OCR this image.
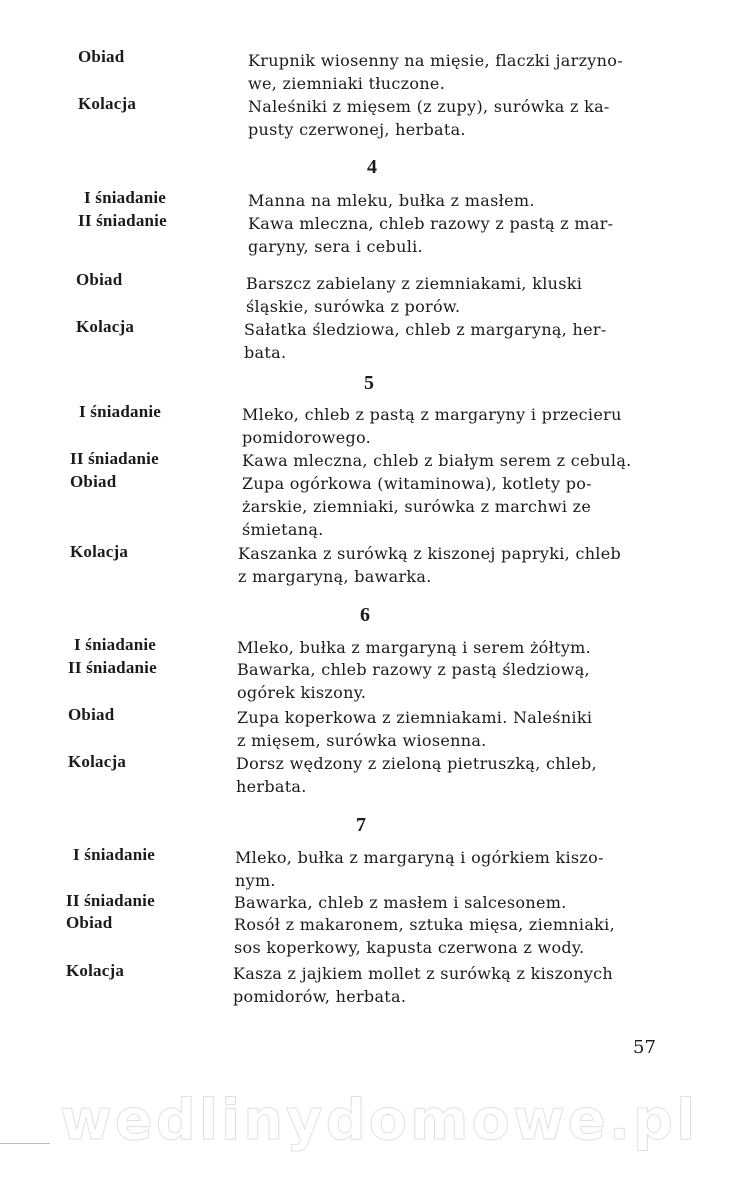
Obiad	Krupnik wiosenny na mięsie, flaczki jarzyno-
we, ziemniaki tłuczone.
Kolacja	Naleśniki z mięsem (z zupy), surówka z ka-
pusty czerwonej, herbata.
4
I śniadanie	Manna na mleku, bułka z masłem.
II śniadanie	Kawa mleczna, chleb razowy z pastą z mar-
garyny, sera i cebuli.
Obiad	Barszcz zabielany z ziemniakami, kluski
śląskie, surówka z porów.
Kolacja	Sałatka śledziowa, chleb z margaryną, her-
bata.
5
I śniadanie	Mleko, chleb z pastą z margaryny i przecieru
pomidorowego.
II śniadanie	Kawa mleczna, chleb z białym serem z cebulą.
Obiad	Zupa ogórkowa (witaminowa), kotlety po-
żarskie, ziemniaki, surówka z marchwi ze
śmietaną.
Kolacja	Kaszanka z surówką z kiszonej papryki, chleb
z margaryną, bawarka.
6
I śniadanie	Mleko, bułka z margaryną i serem żółtym.
II śniadanie	Bawarka, chleb razowy z pastą śledziową,
ogórek kiszony.
Obiad	Zupa koperkowa z ziemniakami. Naleśniki
z mięsem, surówka wiosenna.
Kolacja	Dorsz wędzony z zieloną pietruszką, chleb,
herbata.
7
I śniadanie	Mleko, bułka z margaryną i ogórkiem kiszo-
nym.
II śniadanie	Bawarka, chleb z masłem i salcesonem.
Obiad	Rosół z makaronem, sztuka mięsa, ziemniaki,
sos koperkowy, kapusta czerwona z wody.
Kolacja	Kasza z jajkiem mollet z surówką z kiszonych
pomidorów, herbata.
57
wedlinydomowe.pl
